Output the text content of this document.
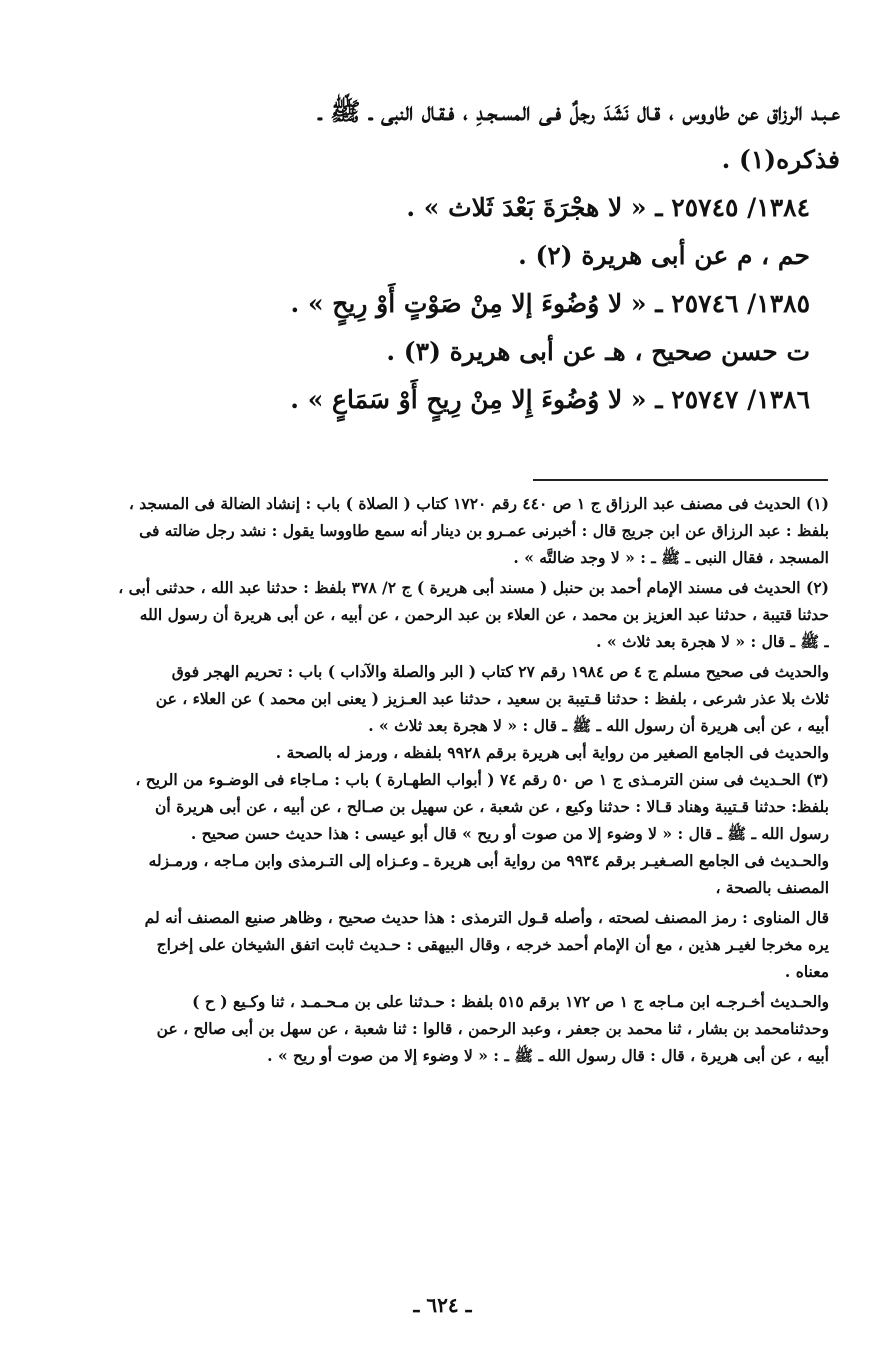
عـبـد الرزاق عن طاووس ، قـال نَشَدَ رجلٌ فـى المسـجـدِ ، فـقـال النبى ـ ﷺ ـ
فذكره(١) .
١٣٨٤/ ٢٥٧٤٥ ـ « لا هجْرَةَ بَعْدَ ثَلاث » .
حم ، م عن أبى هريرة (٢) .
١٣٨٥/ ٢٥٧٤٦ ـ « لا وُضُوءَ إلا مِنْ صَوْتٍ أَوْ رِيحٍ » .
ت حسن صحيح ، هـ عن أبى هريرة (٣) .
١٣٨٦/ ٢٥٧٤٧ ـ « لا وُضُوءَ إِلا مِنْ رِيحٍ أَوْ سَمَاعٍ » .
(١) الحديث فى مصنف عبد الرزاق ج ١ ص ٤٤٠ رقم ١٧٢٠ كتاب ( الصلاة ) باب : إنشاد الضالة فى المسجد ،
بلفظ : عبد الرزاق عن ابن جريج قال : أخبرنى عمـرو بن دينار أنه سمع طاووسا يقول : نشد رجل ضالته فى
المسجد ، فقال النبى ـ ﷺ ـ : « لا وجد ضالتَّه » .
(٢) الحديث فى مسند الإمام أحمد بن حنبل ( مسند أبى هريرة ) ج ٢/ ٣٧٨ بلفظ : حدثنا عبد الله ، حدثنى أبى ،
حدثنا قتيبة ، حدثنا عبد العزيز بن محمد ، عن العلاء بن عبد الرحمن ، عن أبيه ، عن أبى هريرة أن رسول الله
ـ ﷺ ـ قال : « لا هجرة بعد ثلاث » .
والحديث فى صحيح مسلم ج ٤ ص ١٩٨٤ رقم ٢٧ كتاب ( البر والصلة والآداب ) باب : تحريم الهجر فوق
ثلاث بلا عذر شرعى ، بلفظ : حدثنا قـتيبة بن سعيد ، حدثنا عبد العـزيز ( يعنى ابن محمد ) عن العلاء ، عن
أبيه ، عن أبى هريرة أن رسول الله ـ ﷺ ـ قال : « لا هجرة بعد ثلاث » .
والحديث فى الجامع الصغير من رواية أبى هريرة برقم ٩٩٢٨ بلفظه ، ورمز له بالصحة .
(٣) الحـديث فى سنن الترمـذى ج ١ ص ٥٠ رقم ٧٤ ( أبواب الطهـارة ) باب : مـاجاء فى الوضـوء من الريح ،
بلفظ: حدثنا قـتيبة وهناد قـالا : حدثنا وكيع ، عن شعبة ، عن سهيل بن صـالح ، عن أبيه ، عن أبى هريرة أن
رسول الله ـ ﷺ ـ قال : « لا وضوء إلا من صوت أو ريح » قال أبو عيسى : هذا حديث حسن صحيح .
والحـديث فى الجامع الصـغيـر برقم ٩٩٣٤ من رواية أبى هريرة ـ وعـزاه إلى التـرمذى وابن مـاجه ، ورمـزله
المصنف بالصحة ،
قال المناوى : رمز المصنف لصحته ، وأصله قـول الترمذى : هذا حديث صحيح ، وظاهر صنيع المصنف أنه لم
يره مخرجا لغيـر هذين ، مع أن الإمام أحمد خرجه ، وقال البيهقى : حـديث ثابت اتفق الشيخان على إخراج
معناه .
والحـديث أخـرجـه ابن مـاجه ج ١ ص ١٧٢ برقم ٥١٥ بلفظ : حـدثنا على بن مـحـمـد ، ثنا وكـيع ( ح )
وحدثنامحمد بن بشار ، ثنا محمد بن جعفر ، وعبد الرحمن ، قالوا : ثنا شعبة ، عن سهل بن أبى صالح ، عن
أبيه ، عن أبى هريرة ، قال : قال رسول الله ـ ﷺ ـ : « لا وضوء إلا من صوت أو ريح » .
ـ ٦٢٤ ـ
